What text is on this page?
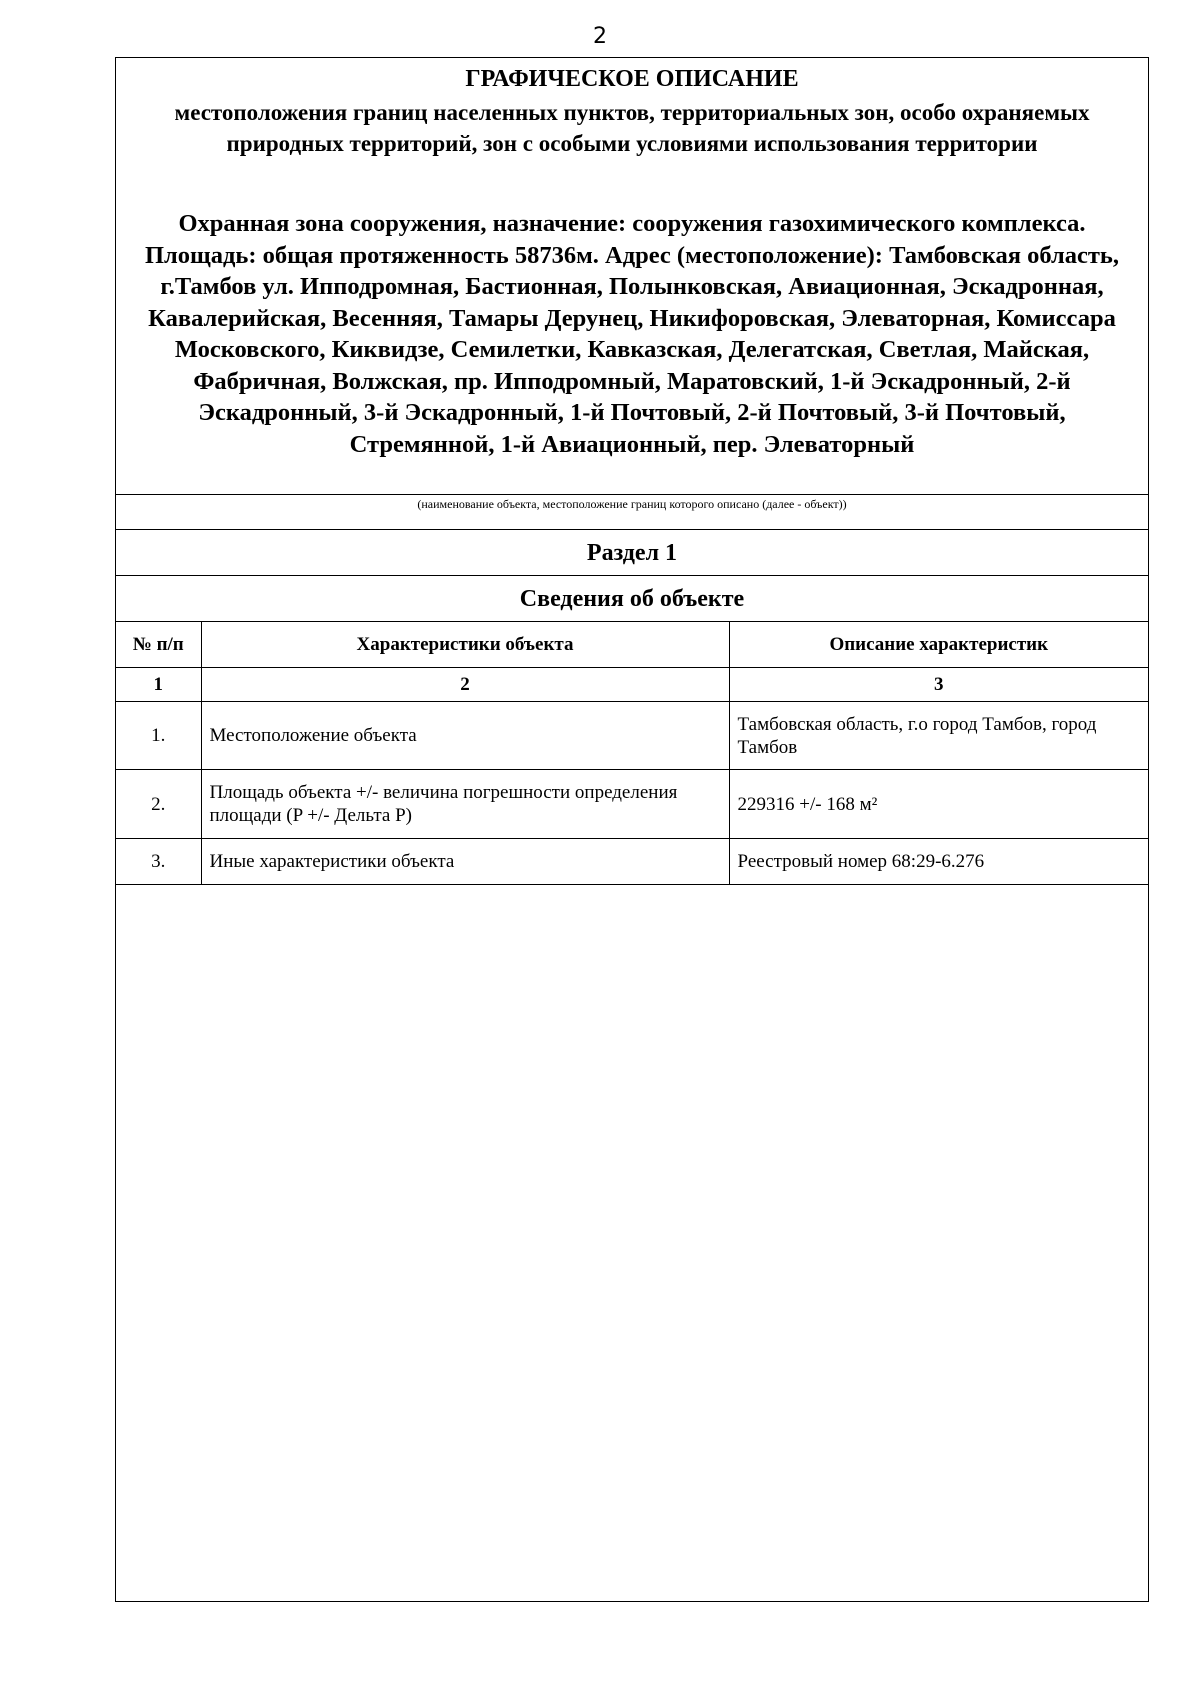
2
ГРАФИЧЕСКОЕ ОПИСАНИЕ
местоположения границ населенных пунктов, территориальных зон, особо охраняемых природных территорий, зон с особыми условиями использования территории
Охранная зона сооружения, назначение: сооружения газохимического комплекса. Площадь: общая протяженность 58736м. Адрес (местоположение): Тамбовская область, г.Тамбов ул. Ипподромная, Бастионная, Полынковская, Авиационная, Эскадронная, Кавалерийская, Весенняя, Тамары Дерунец, Никифоровская, Элеваторная, Комиссара Московского, Киквидзе, Семилетки, Кавказская, Делегатская, Светлая, Майская, Фабричная, Волжская, пр. Ипподромный, Маратовский, 1-й Эскадронный, 2-й Эскадронный, 3-й Эскадронный, 1-й Почтовый, 2-й Почтовый, 3-й Почтовый, Стремянной, 1-й Авиационный, пер. Элеваторный
(наименование объекта, местоположение границ которого описано (далее - объект))
Раздел 1
Сведения об объекте
№ п/п	Характеристики объекта	Описание характеристик
1	2	3
1.	Местоположение объекта	Тамбовская область, г.о город Тамбов, город Тамбов
2.	Площадь объекта +/- величина погрешности определения площади (P +/- Дельта P)	229316 +/- 168 м²
3.	Иные характеристики объекта	Реестровый номер 68:29-6.276
